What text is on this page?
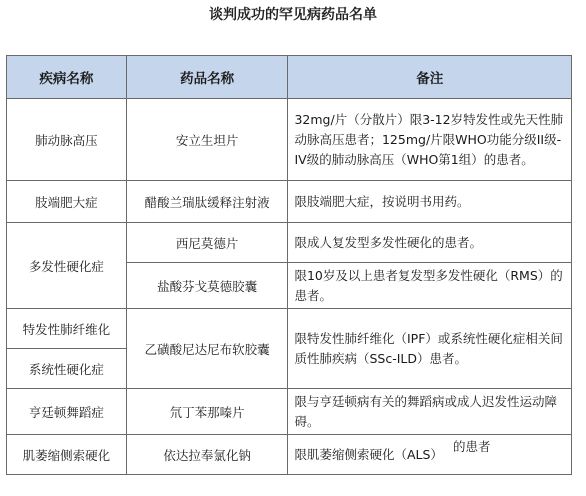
谈判成功的罕见病药品名单
疾病名称	药品名称	备注
肺动脉高压	安立生坦片	32mg/片（分散片）限3-12岁特发性或先天性肺动脉高压患者；125mg/片限WHO功能分级II级- IV级的肺动脉高压（WHO第1组）的患者。
肢端肥大症	醋酸兰瑞肽缓释注射液	限肢端肥大症，按说明书用药。
多发性硬化症	西尼莫德片	限成人复发型多发性硬化的患者。
	盐酸芬戈莫德胶囊	限10岁及以上患者复发型多发性硬化（RMS）的患者。
特发性肺纤维化	乙磺酸尼达尼布软胶囊	限特发性肺纤维化（IPF）或系统性硬化症相关间质性肺疾病（SSc-ILD）患者。
系统性硬化症		
亨廷顿舞蹈症	氘丁苯那嗪片	限与亨廷顿病有关的舞蹈病或成人迟发性运动障碍。
肌萎缩侧索硬化	依达拉奉氯化钠	限肌萎缩侧索硬化（ALS） 的患者
